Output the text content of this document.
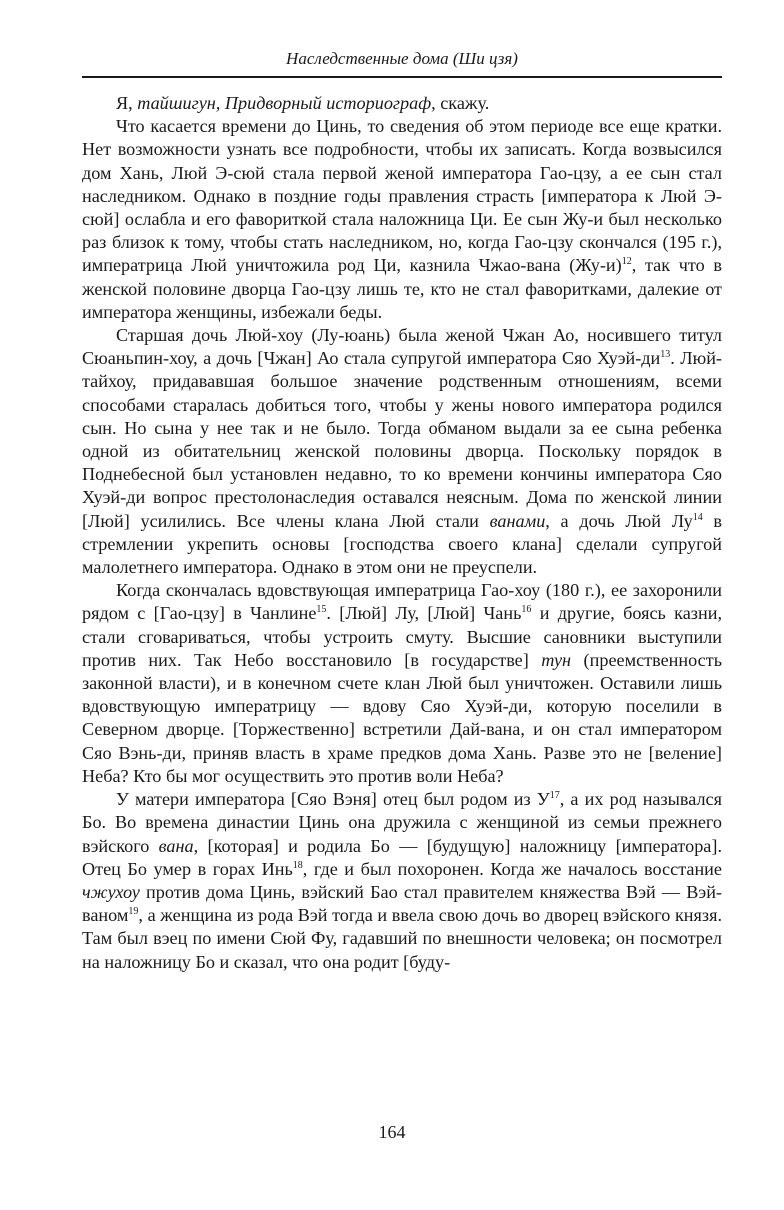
Наследственные дома (Ши цзя)

Я, тайшигун, Придворный историограф, скажу.

Что касается времени до Цинь, то сведения об этом периоде все еще кратки. Нет возможности узнать все подробности, чтобы их записать. Когда возвысился дом Хань, Люй Э-сюй стала первой женой императора Гао-цзу, а ее сын стал наследником. Однако в поздние годы правления страсть [императора к Люй Э-сюй] ослабла и его фавориткой стала наложница Ци. Ее сын Жу-и был несколько раз близок к тому, чтобы стать наследником, но, когда Гао-цзу скончался (195 г.), императрица Люй уничтожила род Ци, казнила Чжао-вана $(Жу-и)^{12}$, так что в женской половине дворца Гао-цзу лишь те, кто не стал фаворитками, далекие от императора женщины, избежали беды.

Старшая дочь Люй-хоу (Лу-юань) была женой Чжан Ао, носившего титул Сюаньпин-хоу, а дочь [Чжан] Ао стала супругой императора Сяо Хуэй-$ди^{13}$. Люй-тайхоу, придававшая большое значение родственным отношениям, всеми способами старалась добиться того, чтобы у жены нового императора родился сын. Но сына у нее так и не было. Тогда обманом выдали за ее сына ребенка одной из обитательниц женской половины дворца. Поскольку порядок в Поднебесной был установлен недавно, то ко времени кончины императора Сяо Хуэй-ди вопрос престолонаследия оставался неясным. Дома по женской линии [Люй] усилились. Все члены клана Люй стали ванами, а дочь Люй $Лу^{14}$ в стремлении укрепить основы [господства своего клана] сделали супругой малолетнего императора. Однако в этом они не преуспели.

Когда скончалась вдовствующая императрица Гао-хоу (180 г.), ее захоронили рядом с [Гао-цзу] в Чанлине$^{15}$. [Люй] Лу, [Люй] Чань$^{16}$ и другие, боясь казни, стали сговариваться, чтобы устроить смуту. Высшие сановники выступили против них. Так Небо восстановило [в государстве] тун (преемственность законной власти), и в конечном счете клан Люй был уничтожен. Оставили лишь вдовствующую императрицу — вдову Сяо Хуэй-ди, которую поселили в Северном дворце. [Торжественно] встретили Дай-вана, и он стал императором Сяо Вэнь-ди, приняв власть в храме предков дома Хань. Разве это не [веление] Неба? Кто бы мог осуществить это против воли Неба?

У матери императора [Сяо Вэня] отец был родом из $У^{17}$, а их род назывался Бо. Во времена династии Цинь она дружила с женщиной из семьи прежнего вэйского вана, [которая] и родила Бо — [будущую] наложницу [императора]. Отец Бо умер в горах Инь$^{18}$, где и был похоронен. Когда же началось восстание чжухоу против дома Цинь, вэйский Бао стал правителем княжества Вэй — Вэй-ваном$^{19}$, а женщина из рода Вэй тогда и ввела свою дочь во дворец вэйского князя. Там был вэец по имени Сюй Фу, гадавший по внешности человека; он посмотрел на наложницу Бо и сказал, что она родит [буду-

164
